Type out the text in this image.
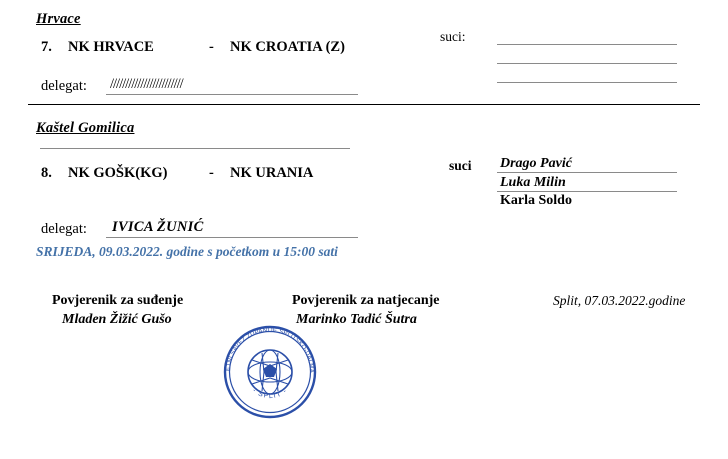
Hrvace
7. NK HRVACE	- NK CROATIA (Z)
suci:
delegat: ////////////////////////
Kaštel Gomilica
8. NK GOŠK(KG)	- NK URANIA	suci Drago Pavić
Luka Milin
Karla Soldo
delegat: IVICA ŽUNIĆ
SRIJEDA, 09.03.2022. godine s početkom u 15:00 sati
Povjerenik za suđenje
Mladen Žižić Gušo
Povjerenik za natjecanje
Marinko Tadić Šutra
Split, 07.03.2022.godine
ETNI SAVEZ ŽUPANIJE SPLITSKO-DALMA
- SPLIT -
